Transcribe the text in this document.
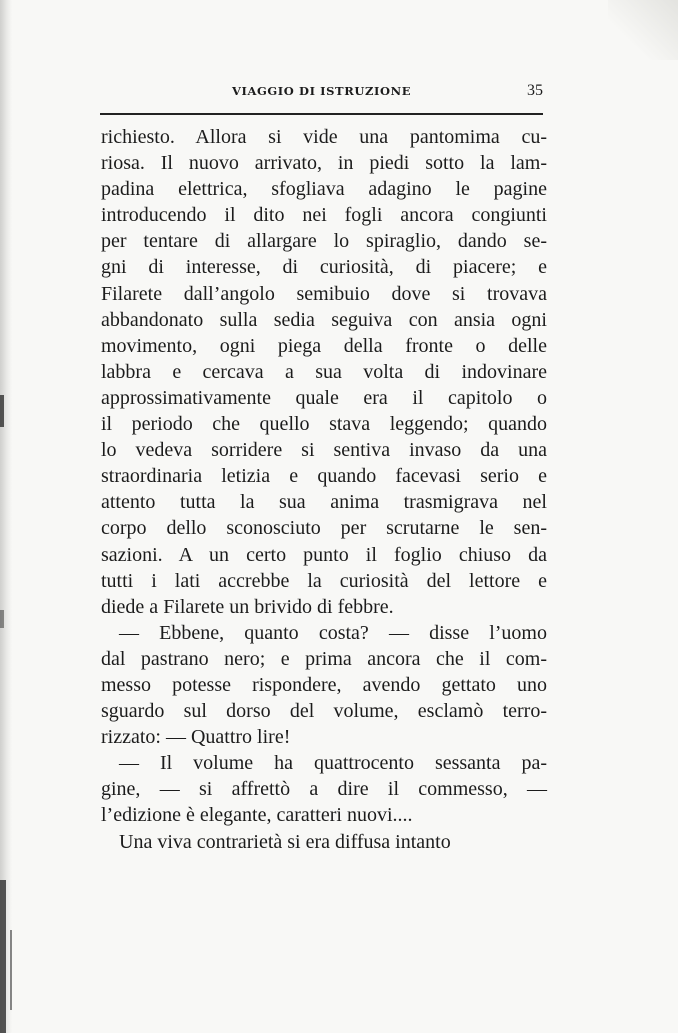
VIAGGIO DI ISTRUZIONE	35
richiesto. Allora si vide una pantomima cu-
riosa. Il nuovo arrivato, in piedi sotto la lam-
padina elettrica, sfogliava adagino le pagine
introducendo il dito nei fogli ancora congiunti
per tentare di allargare lo spiraglio, dando se-
gni di interesse, di curiosità, di piacere; e
Filarete dall’angolo semibuio dove si trovava
abbandonato sulla sedia seguiva con ansia ogni
movimento, ogni piega della fronte o delle
labbra e cercava a sua volta di indovinare
approssimativamente quale era il capitolo o
il periodo che quello stava leggendo; quando
lo vedeva sorridere si sentiva invaso da una
straordinaria letizia e quando facevasi serio e
attento tutta la sua anima trasmigrava nel
corpo dello sconosciuto per scrutarne le sen-
sazioni. A un certo punto il foglio chiuso da
tutti i lati accrebbe la curiosità del lettore e
diede a Filarete un brivido di febbre.
— Ebbene, quanto costa? — disse l’uomo
dal pastrano nero; e prima ancora che il com-
messo potesse rispondere, avendo gettato uno
sguardo sul dorso del volume, esclamò terro-
rizzato: — Quattro lire!
— Il volume ha quattrocento sessanta pa-
gine, — si affrettò a dire il commesso, —
l’edizione è elegante, caratteri nuovi....
Una viva contrarietà si era diffusa intanto
